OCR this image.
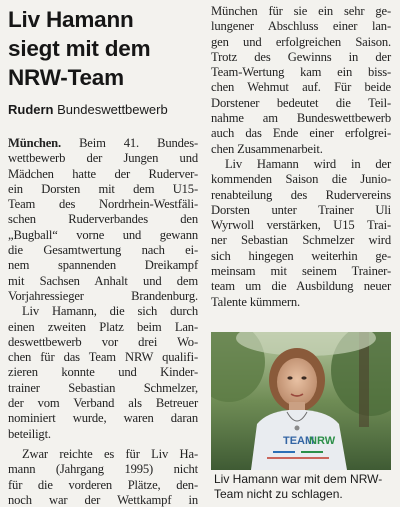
Liv Hamann
siegt mit dem
NRW-Team
Rudern Bundeswettbewerb

München. Beim 41. Bundes-
wettbewerb der Jungen und
Mädchen hatte der Ruderver-
ein Dorsten mit dem U15-
Team des Nordrhein-Westfäli-
schen Ruderverbandes den
„Bugball“ vorne und gewann
die Gesamtwertung nach ei-
nem spannenden Dreikampf
mit Sachsen Anhalt und dem
Vorjahressieger Brandenburg.

Liv Hamann, die sich durch
einen zweiten Platz beim Lan-
deswettbewerb vor drei Wo-
chen für das Team NRW qualifi-
zieren konnte und Kinder-
trainer Sebastian Schmelzer,
der vom Verband als Betreuer
nominiert wurde, waren daran
beteiligt.

Zwar reichte es für Liv Ha-
mann (Jahrgang 1995) nicht
für die vorderen Plätze, den-
noch war der Wettkampf in

München für sie ein sehr ge-
lungener Abschluss einer lan-
gen und erfolgreichen Saison.
Trotz des Gewinns in der
Team-Wertung kam ein biss-
chen Wehmut auf. Für beide
Dorstener bedeutet die Teil-
nahme am Bundeswettbewerb
auch das Ende einer erfolgrei-
chen Zusammenarbeit.

Liv Hamann wird in der
kommenden Saison die Junio-
renabteilung des Rudervereins
Dorsten unter Trainer Uli
Wyrwoll verstärken, U15 Trai-
ner Sebastian Schmelzer wird
sich hingegen weiterhin ge-
meinsam mit seinem Trainer-
team um die Ausbildung neuer
Talente kümmern.

TEAM
NRW
Liv Hamann war mit dem NRW-
Team nicht zu schlagen.
